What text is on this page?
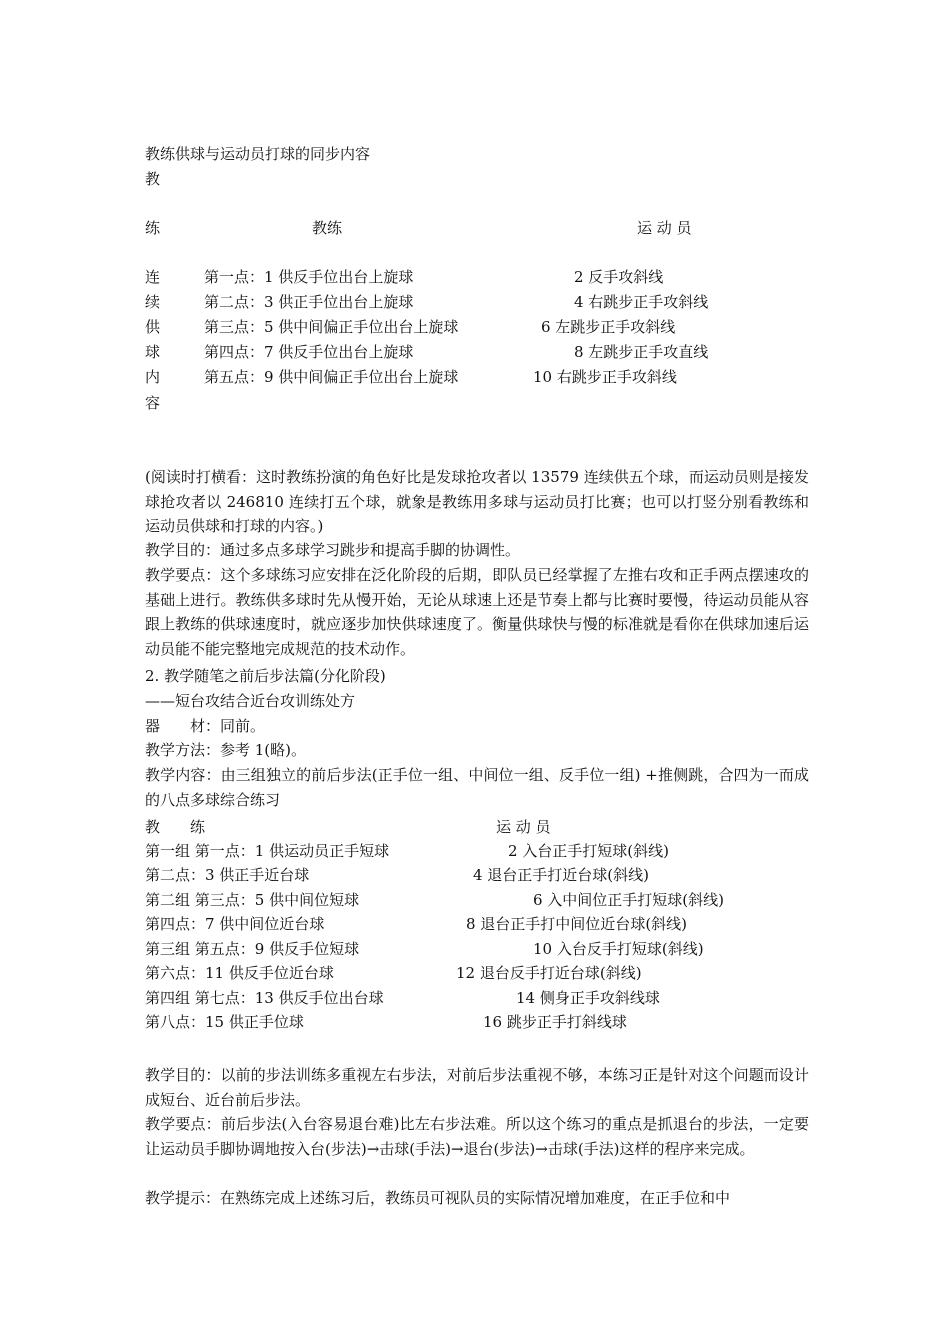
教练供球与运动员打球的同步内容
教
练
连
续
供
球
内
容
教练	运 动 员
第一点：1 供反手位出台上旋球	2 反手攻斜线
第二点：3 供正手位出台上旋球	4 右跳步正手攻斜线
第三点：5 供中间偏正手位出台上旋球	6 左跳步正手攻斜线
第四点：7 供反手位出台上旋球	8 左跳步正手攻直线
第五点：9 供中间偏正手位出台上旋球	10 右跳步正手攻斜线
(阅读时打横看：这时教练扮演的角色好比是发球抢攻者以 13579 连续供五个球，而运动员则是接发球抢攻者以 246810 连续打五个球，就象是教练用多球与运动员打比赛；也可以打竖分别看教练和运动员供球和打球的内容。)
教学目的：通过多点多球学习跳步和提高手脚的协调性。
教学要点：这个多球练习应安排在泛化阶段的后期，即队员已经掌握了左推右攻和正手两点摆速攻的基础上进行。教练供多球时先从慢开始，无论从球速上还是节奏上都与比赛时要慢，待运动员能从容跟上教练的供球速度时，就应逐步加快供球速度了。衡量供球快与慢的标准就是看你在供球加速后运动员能不能完整地完成规范的技术动作。
2. 教学随笔之前后步法篇(分化阶段)
——短台攻结合近台攻训练处方
器　　材：同前。
教学方法：参考 1(略)。
教学内容：由三组独立的前后步法(正手位一组、中间位一组、反手位一组) +推侧跳，合四为一而成的八点多球综合练习
教　　练	运 动 员
第一组 第一点：1 供运动员正手短球	2 入台正手打短球(斜线)
第二点：3 供正手近台球	4 退台正手打近台球(斜线)
第二组 第三点：5 供中间位短球	6 入中间位正手打短球(斜线)
第四点：7 供中间位近台球	8 退台正手打中间位近台球(斜线)
第三组 第五点：9 供反手位短球	10 入台反手打短球(斜线)
第六点：11 供反手位近台球	12 退台反手打近台球(斜线)
第四组 第七点：13 供反手位出台球	14 侧身正手攻斜线球
第八点：15 供正手位球	16 跳步正手打斜线球
教学目的：以前的步法训练多重视左右步法，对前后步法重视不够，本练习正是针对这个问题而设计成短台、近台前后步法。
教学要点：前后步法(入台容易退台难)比左右步法难。所以这个练习的重点是抓退台的步法，一定要让运动员手脚协调地按入台(步法)→击球(手法)→退台(步法)→击球(手法)这样的程序来完成。
教学提示：在熟练完成上述练习后，教练员可视队员的实际情况增加难度，在正手位和中
